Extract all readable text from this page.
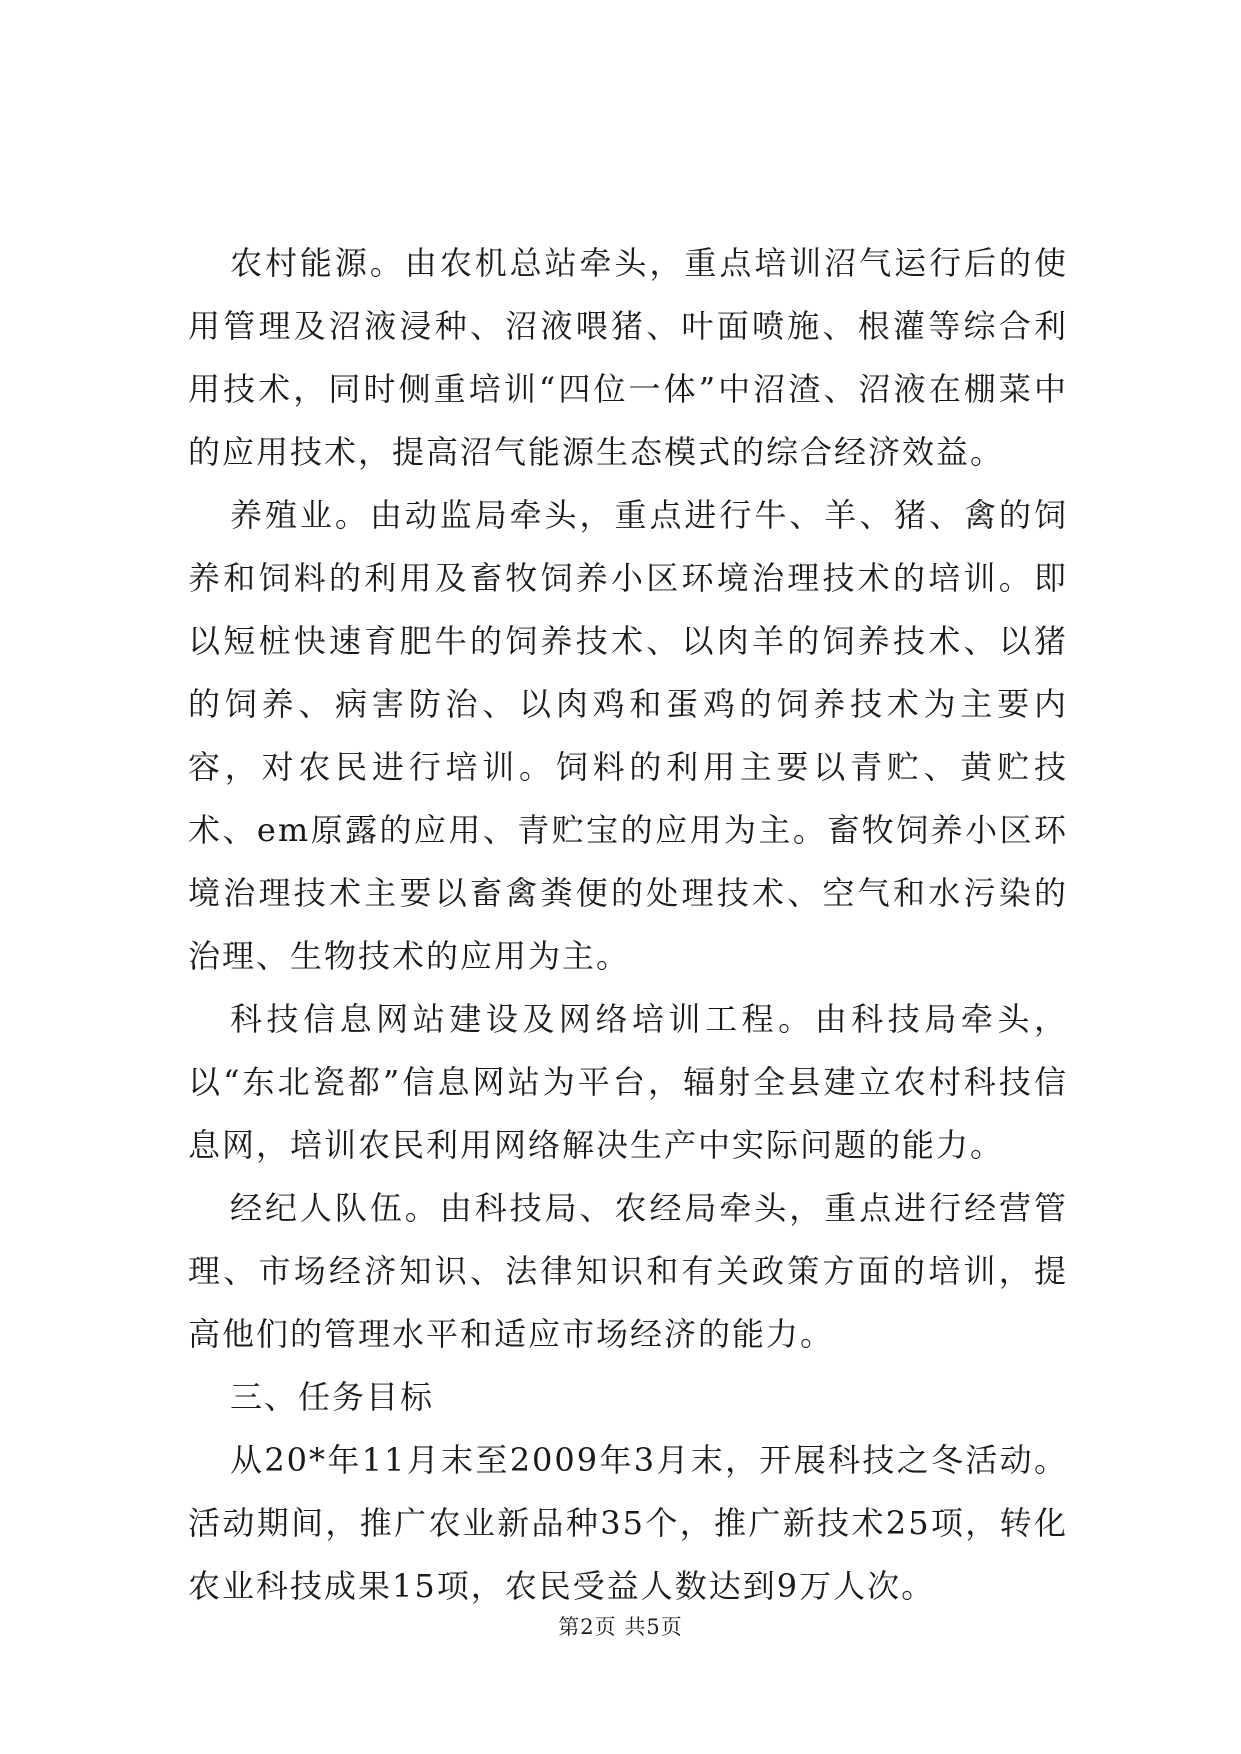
农村能源。由农机总站牵头，重点培训沼气运行后的使用管理及沼液浸种、沼液喂猪、叶面喷施、根灌等综合利用技术，同时侧重培训“四位一体”中沼渣、沼液在棚菜中的应用技术，提高沼气能源生态模式的综合经济效益。

养殖业。由动监局牵头，重点进行牛、羊、猪、禽的饲养和饲料的利用及畜牧饲养小区环境治理技术的培训。即以短桩快速育肥牛的饲养技术、以肉羊的饲养技术、以猪的饲养、病害防治、以肉鸡和蛋鸡的饲养技术为主要内容，对农民进行培训。饲料的利用主要以青贮、黄贮技术、em原露的应用、青贮宝的应用为主。畜牧饲养小区环境治理技术主要以畜禽粪便的处理技术、空气和水污染的治理、生物技术的应用为主。

科技信息网站建设及网络培训工程。由科技局牵头，以“东北瓷都”信息网站为平台，辐射全县建立农村科技信息网，培训农民利用网络解决生产中实际问题的能力。

经纪人队伍。由科技局、农经局牵头，重点进行经营管理、市场经济知识、法律知识和有关政策方面的培训，提高他们的管理水平和适应市场经济的能力。

三、任务目标

从20*年11月末至2009年3月末，开展科技之冬活动。活动期间，推广农业新品种35个，推广新技术25项，转化农业科技成果15项，农民受益人数达到9万人次。

第2页 共5页
